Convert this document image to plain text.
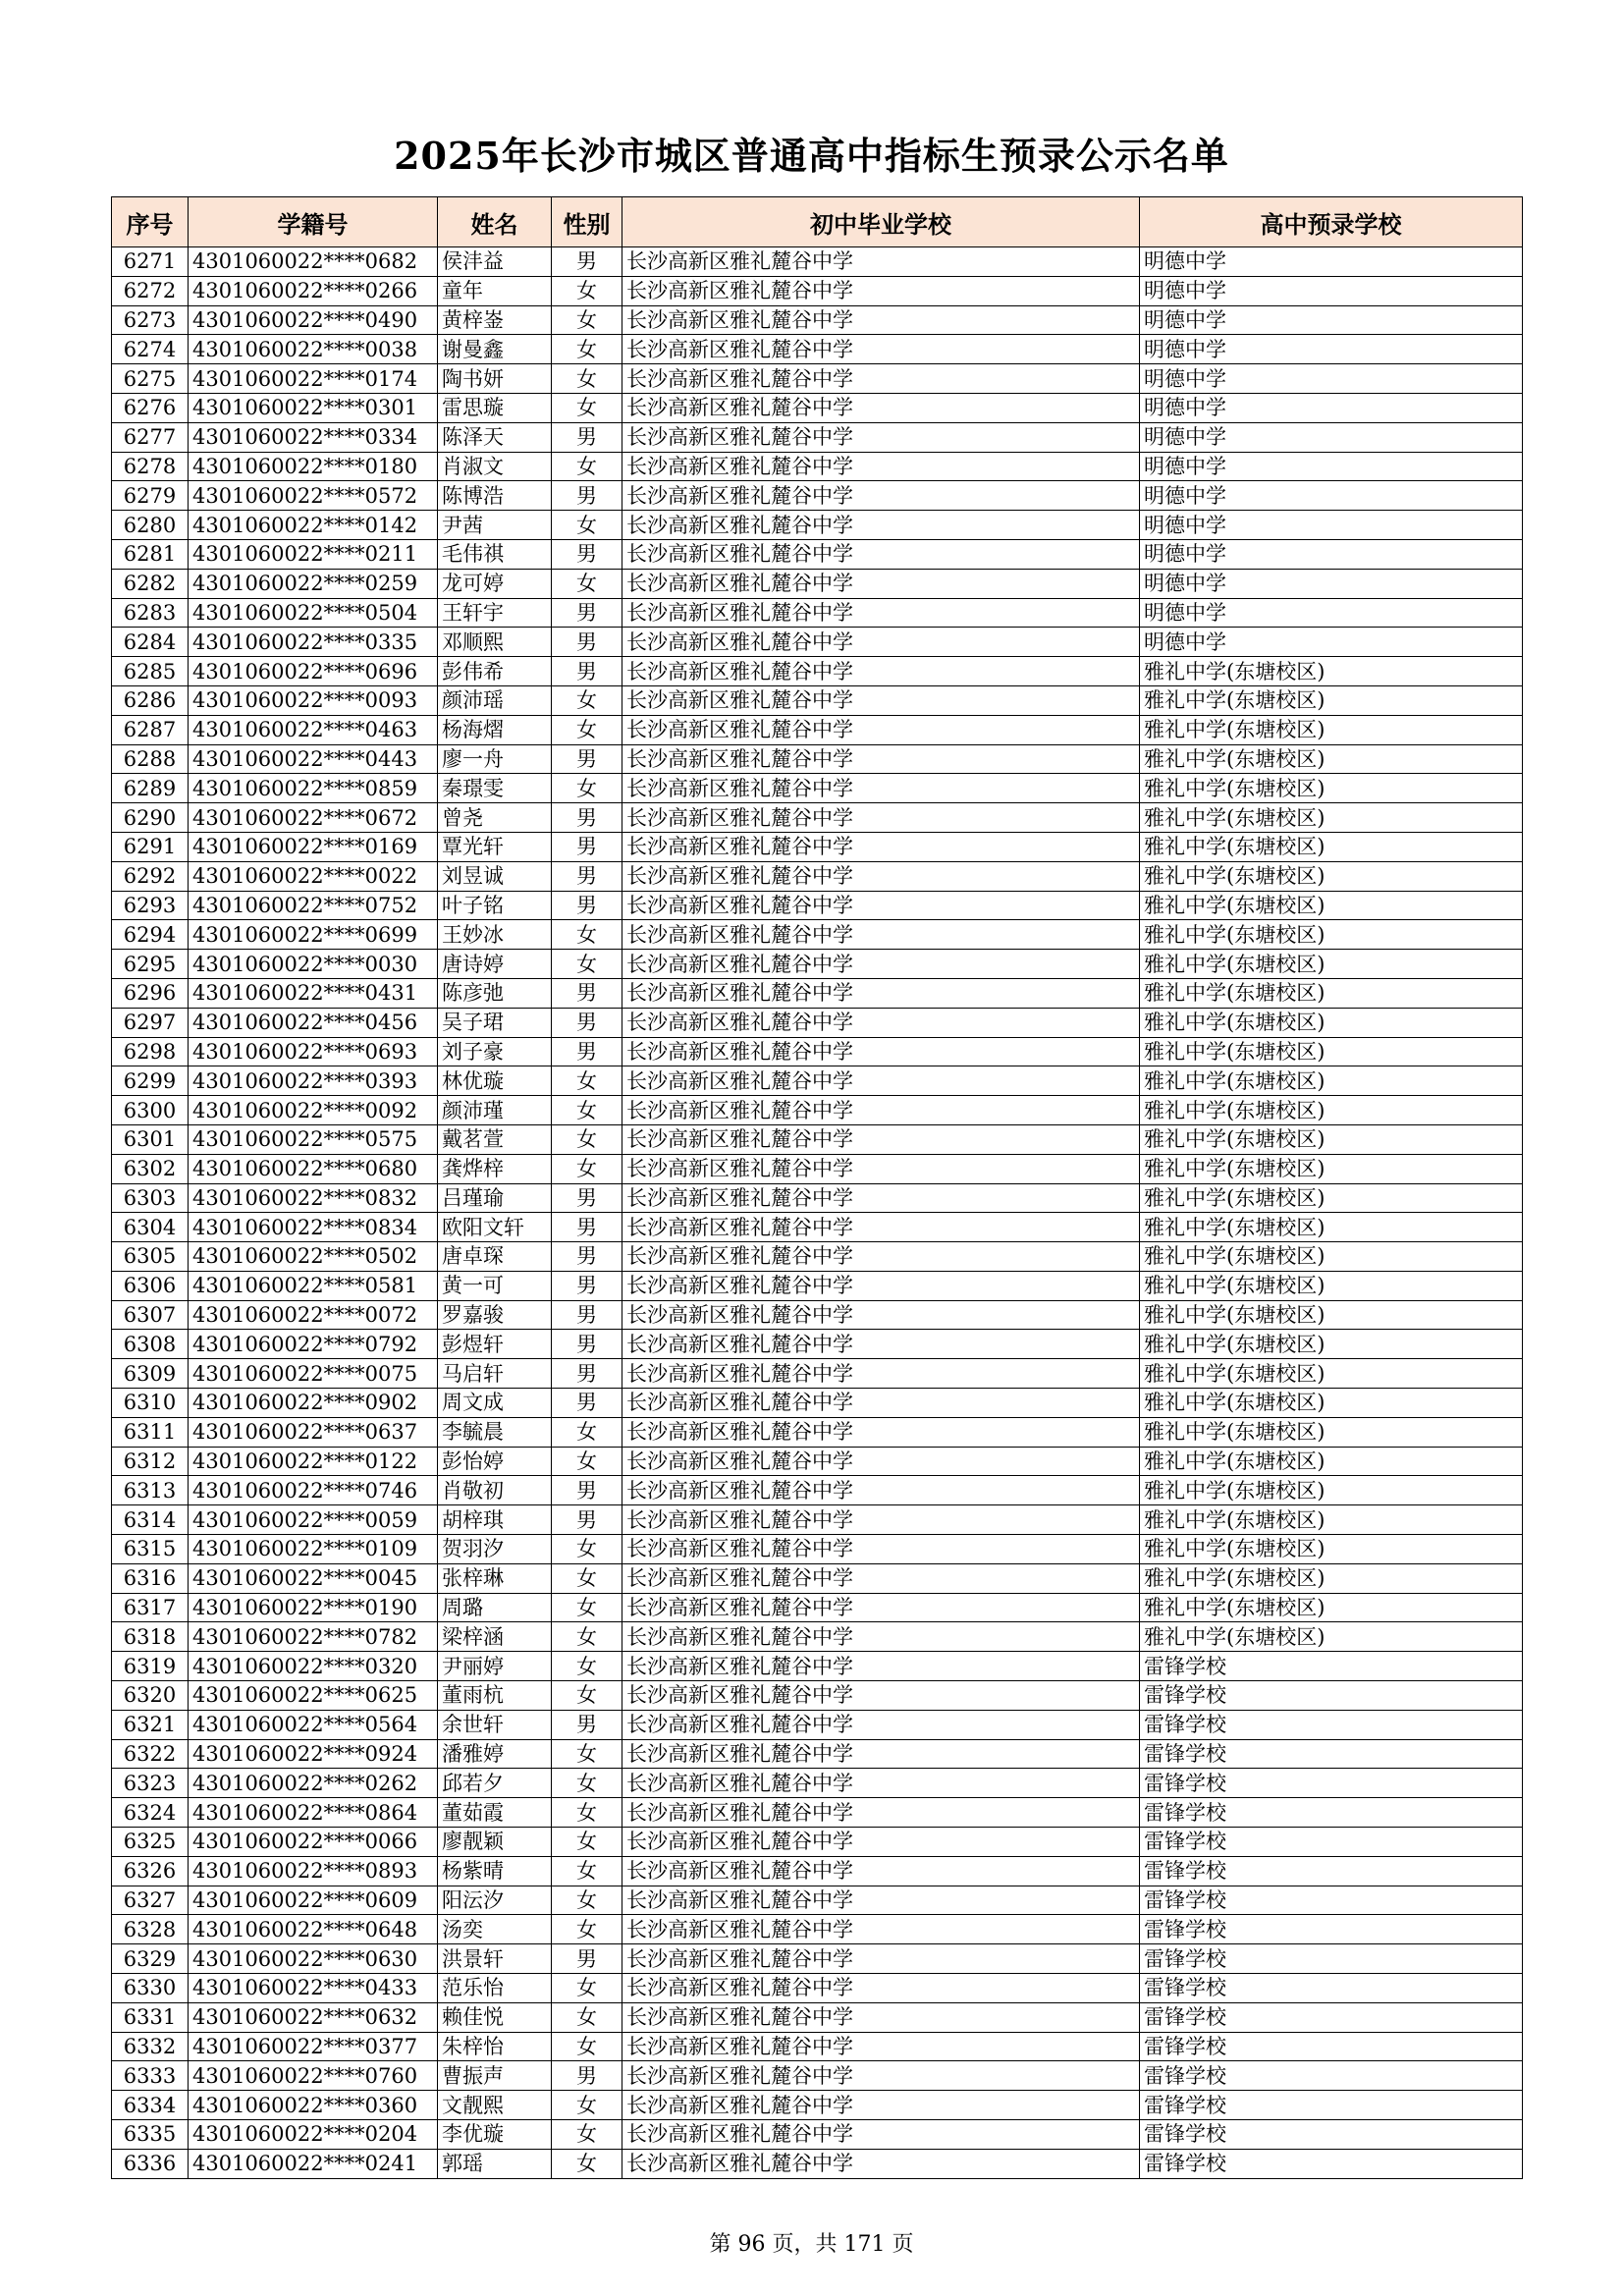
2025年长沙市城区普通高中指标生预录公示名单
序号	学籍号	姓名	性别	初中毕业学校	高中预录学校
6271	4301060022****0682	侯沣益	男	长沙高新区雅礼麓谷中学	明德中学
6272	4301060022****0266	童年	女	长沙高新区雅礼麓谷中学	明德中学
6273	4301060022****0490	黄梓崟	女	长沙高新区雅礼麓谷中学	明德中学
6274	4301060022****0038	谢曼鑫	女	长沙高新区雅礼麓谷中学	明德中学
6275	4301060022****0174	陶书妍	女	长沙高新区雅礼麓谷中学	明德中学
6276	4301060022****0301	雷思璇	女	长沙高新区雅礼麓谷中学	明德中学
6277	4301060022****0334	陈泽天	男	长沙高新区雅礼麓谷中学	明德中学
6278	4301060022****0180	肖淑文	女	长沙高新区雅礼麓谷中学	明德中学
6279	4301060022****0572	陈博浩	男	长沙高新区雅礼麓谷中学	明德中学
6280	4301060022****0142	尹茜	女	长沙高新区雅礼麓谷中学	明德中学
6281	4301060022****0211	毛伟祺	男	长沙高新区雅礼麓谷中学	明德中学
6282	4301060022****0259	龙可婷	女	长沙高新区雅礼麓谷中学	明德中学
6283	4301060022****0504	王轩宇	男	长沙高新区雅礼麓谷中学	明德中学
6284	4301060022****0335	邓顺熙	男	长沙高新区雅礼麓谷中学	明德中学
6285	4301060022****0696	彭伟希	男	长沙高新区雅礼麓谷中学	雅礼中学(东塘校区)
6286	4301060022****0093	颜沛瑶	女	长沙高新区雅礼麓谷中学	雅礼中学(东塘校区)
6287	4301060022****0463	杨海熠	女	长沙高新区雅礼麓谷中学	雅礼中学(东塘校区)
6288	4301060022****0443	廖一舟	男	长沙高新区雅礼麓谷中学	雅礼中学(东塘校区)
6289	4301060022****0859	秦璟雯	女	长沙高新区雅礼麓谷中学	雅礼中学(东塘校区)
6290	4301060022****0672	曾尧	男	长沙高新区雅礼麓谷中学	雅礼中学(东塘校区)
6291	4301060022****0169	覃光轩	男	长沙高新区雅礼麓谷中学	雅礼中学(东塘校区)
6292	4301060022****0022	刘昱诚	男	长沙高新区雅礼麓谷中学	雅礼中学(东塘校区)
6293	4301060022****0752	叶子铭	男	长沙高新区雅礼麓谷中学	雅礼中学(东塘校区)
6294	4301060022****0699	王妙冰	女	长沙高新区雅礼麓谷中学	雅礼中学(东塘校区)
6295	4301060022****0030	唐诗婷	女	长沙高新区雅礼麓谷中学	雅礼中学(东塘校区)
6296	4301060022****0431	陈彦弛	男	长沙高新区雅礼麓谷中学	雅礼中学(东塘校区)
6297	4301060022****0456	吴子珺	男	长沙高新区雅礼麓谷中学	雅礼中学(东塘校区)
6298	4301060022****0693	刘子豪	男	长沙高新区雅礼麓谷中学	雅礼中学(东塘校区)
6299	4301060022****0393	林优璇	女	长沙高新区雅礼麓谷中学	雅礼中学(东塘校区)
6300	4301060022****0092	颜沛瑾	女	长沙高新区雅礼麓谷中学	雅礼中学(东塘校区)
6301	4301060022****0575	戴茗萱	女	长沙高新区雅礼麓谷中学	雅礼中学(东塘校区)
6302	4301060022****0680	龚烨梓	女	长沙高新区雅礼麓谷中学	雅礼中学(东塘校区)
6303	4301060022****0832	吕瑾瑜	男	长沙高新区雅礼麓谷中学	雅礼中学(东塘校区)
6304	4301060022****0834	欧阳文轩	男	长沙高新区雅礼麓谷中学	雅礼中学(东塘校区)
6305	4301060022****0502	唐卓琛	男	长沙高新区雅礼麓谷中学	雅礼中学(东塘校区)
6306	4301060022****0581	黄一可	男	长沙高新区雅礼麓谷中学	雅礼中学(东塘校区)
6307	4301060022****0072	罗嘉骏	男	长沙高新区雅礼麓谷中学	雅礼中学(东塘校区)
6308	4301060022****0792	彭煜轩	男	长沙高新区雅礼麓谷中学	雅礼中学(东塘校区)
6309	4301060022****0075	马启轩	男	长沙高新区雅礼麓谷中学	雅礼中学(东塘校区)
6310	4301060022****0902	周文成	男	长沙高新区雅礼麓谷中学	雅礼中学(东塘校区)
6311	4301060022****0637	李毓晨	女	长沙高新区雅礼麓谷中学	雅礼中学(东塘校区)
6312	4301060022****0122	彭怡婷	女	长沙高新区雅礼麓谷中学	雅礼中学(东塘校区)
6313	4301060022****0746	肖敬初	男	长沙高新区雅礼麓谷中学	雅礼中学(东塘校区)
6314	4301060022****0059	胡梓琪	男	长沙高新区雅礼麓谷中学	雅礼中学(东塘校区)
6315	4301060022****0109	贺羽汐	女	长沙高新区雅礼麓谷中学	雅礼中学(东塘校区)
6316	4301060022****0045	张梓琳	女	长沙高新区雅礼麓谷中学	雅礼中学(东塘校区)
6317	4301060022****0190	周璐	女	长沙高新区雅礼麓谷中学	雅礼中学(东塘校区)
6318	4301060022****0782	梁梓涵	女	长沙高新区雅礼麓谷中学	雅礼中学(东塘校区)
6319	4301060022****0320	尹丽婷	女	长沙高新区雅礼麓谷中学	雷锋学校
6320	4301060022****0625	董雨杭	女	长沙高新区雅礼麓谷中学	雷锋学校
6321	4301060022****0564	余世轩	男	长沙高新区雅礼麓谷中学	雷锋学校
6322	4301060022****0924	潘雅婷	女	长沙高新区雅礼麓谷中学	雷锋学校
6323	4301060022****0262	邱若夕	女	长沙高新区雅礼麓谷中学	雷锋学校
6324	4301060022****0864	董茹霞	女	长沙高新区雅礼麓谷中学	雷锋学校
6325	4301060022****0066	廖靓颖	女	长沙高新区雅礼麓谷中学	雷锋学校
6326	4301060022****0893	杨紫晴	女	长沙高新区雅礼麓谷中学	雷锋学校
6327	4301060022****0609	阳沄汐	女	长沙高新区雅礼麓谷中学	雷锋学校
6328	4301060022****0648	汤奕	女	长沙高新区雅礼麓谷中学	雷锋学校
6329	4301060022****0630	洪景轩	男	长沙高新区雅礼麓谷中学	雷锋学校
6330	4301060022****0433	范乐怡	女	长沙高新区雅礼麓谷中学	雷锋学校
6331	4301060022****0632	赖佳悦	女	长沙高新区雅礼麓谷中学	雷锋学校
6332	4301060022****0377	朱梓怡	女	长沙高新区雅礼麓谷中学	雷锋学校
6333	4301060022****0760	曹振声	男	长沙高新区雅礼麓谷中学	雷锋学校
6334	4301060022****0360	文靓熙	女	长沙高新区雅礼麓谷中学	雷锋学校
6335	4301060022****0204	李优璇	女	长沙高新区雅礼麓谷中学	雷锋学校
6336	4301060022****0241	郭瑶	女	长沙高新区雅礼麓谷中学	雷锋学校
第 96 页，共 171 页
